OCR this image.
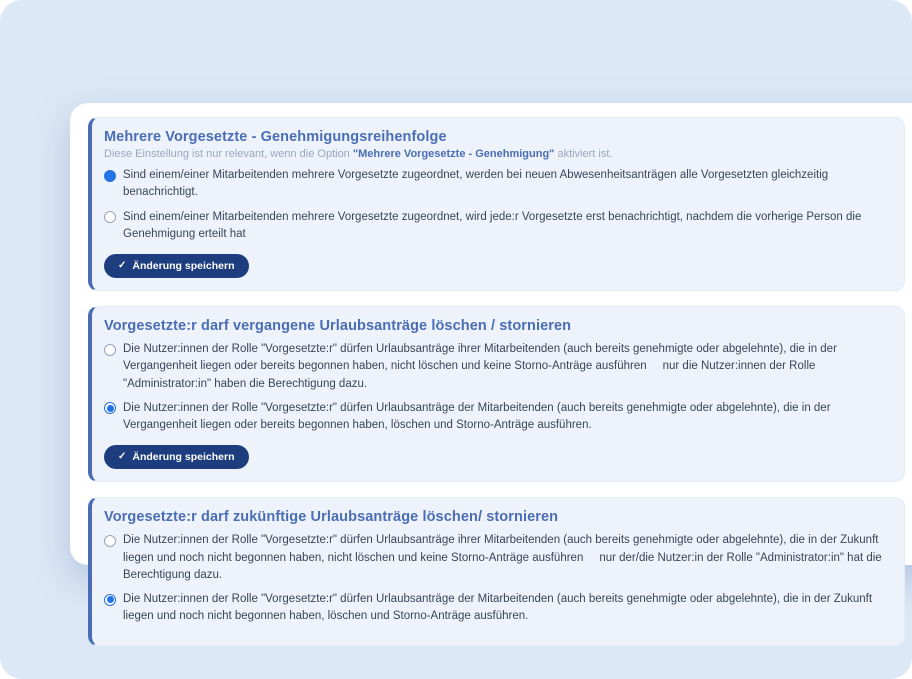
Mehrere Vorgesetzte - Genehmigungsreihenfolge
Diese Einstellung ist nur relevant, wenn die Option "Mehrere Vorgesetzte - Genehmigung" aktiviert ist.
Sind einem/einer Mitarbeitenden mehrere Vorgesetzte zugeordnet, werden bei neuen Abwesenheitsanträgen alle Vorgesetzten gleichzeitig benachrichtigt.
Sind einem/einer Mitarbeitenden mehrere Vorgesetzte zugeordnet, wird jede:r Vorgesetzte erst benachrichtigt, nachdem die vorherige Person die Genehmigung erteilt hat
✓ Änderung speichern
Vorgesetzte:r darf vergangene Urlaubsanträge löschen / stornieren
Die Nutzer:innen der Rolle "Vorgesetzte:r" dürfen Urlaubsanträge ihrer Mitarbeitenden (auch bereits genehmigte oder abgelehnte), die in der Vergangenheit liegen oder bereits begonnen haben, nicht löschen und keine Storno-Anträge ausführen     nur die Nutzer:innen der Rolle "Administrator:in" haben die Berechtigung dazu.
Die Nutzer:innen der Rolle "Vorgesetzte:r" dürfen Urlaubsanträge der Mitarbeitenden (auch bereits genehmigte oder abgelehnte), die in der Vergangenheit liegen oder bereits begonnen haben, löschen und Storno-Anträge ausführen.
✓ Änderung speichern
Vorgesetzte:r darf zukünftige Urlaubsanträge löschen/ stornieren
Die Nutzer:innen der Rolle "Vorgesetzte:r" dürfen Urlaubsanträge ihrer Mitarbeitenden (auch bereits genehmigte oder abgelehnte), die in der Zukunft liegen und noch nicht begonnen haben, nicht löschen und keine Storno-Anträge ausführen     nur der/die Nutzer:in der Rolle "Administrator:in" hat die Berechtigung dazu.
Die Nutzer:innen der Rolle "Vorgesetzte:r" dürfen Urlaubsanträge der Mitarbeitenden (auch bereits genehmigte oder abgelehnte), die in der Zukunft liegen und noch nicht begonnen haben, löschen und Storno-Anträge ausführen.
